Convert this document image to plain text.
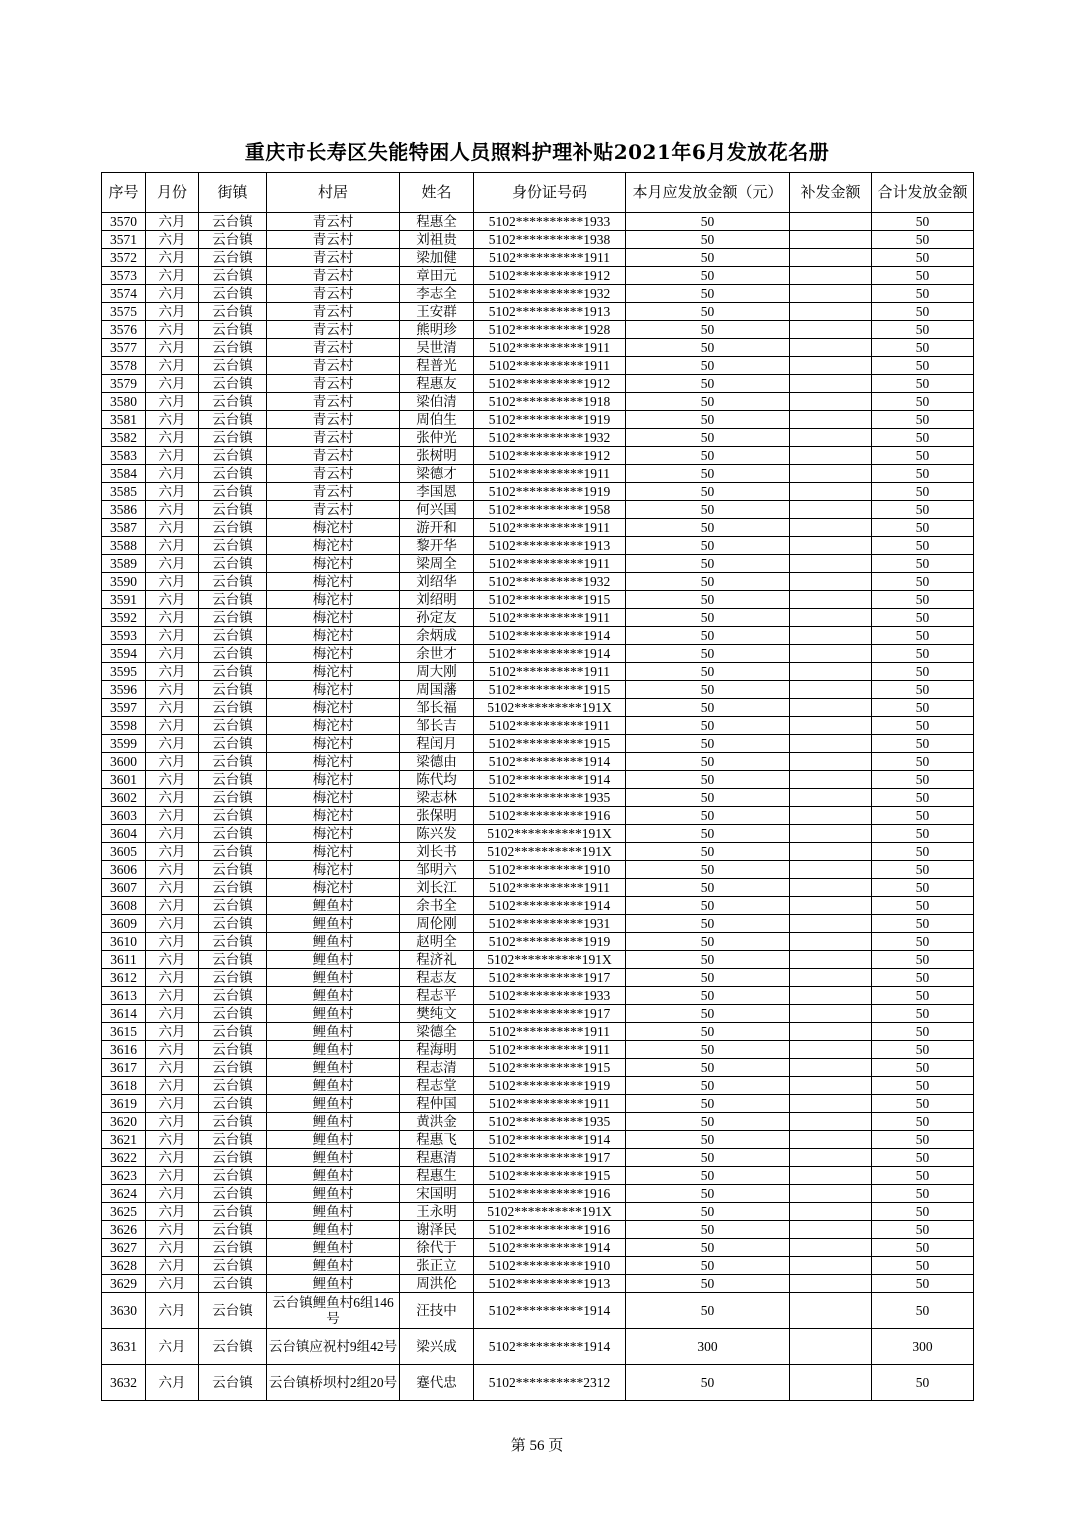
重庆市长寿区失能特困人员照料护理补贴2021年6月发放花名册
序号	月份	街镇	村居	姓名	身份证号码	本月应发放金额（元）	补发金额	合计发放金额
3570	六月	云台镇	青云村	程惠全	5102**********1933	50		50
3571	六月	云台镇	青云村	刘祖贵	5102**********1938	50		50
3572	六月	云台镇	青云村	梁加健	5102**********1911	50		50
3573	六月	云台镇	青云村	章田元	5102**********1912	50		50
3574	六月	云台镇	青云村	李志全	5102**********1932	50		50
3575	六月	云台镇	青云村	王安群	5102**********1913	50		50
3576	六月	云台镇	青云村	熊明珍	5102**********1928	50		50
3577	六月	云台镇	青云村	吴世清	5102**********1911	50		50
3578	六月	云台镇	青云村	程普光	5102**********1911	50		50
3579	六月	云台镇	青云村	程惠友	5102**********1912	50		50
3580	六月	云台镇	青云村	梁伯清	5102**********1918	50		50
3581	六月	云台镇	青云村	周伯生	5102**********1919	50		50
3582	六月	云台镇	青云村	张仲光	5102**********1932	50		50
3583	六月	云台镇	青云村	张树明	5102**********1912	50		50
3584	六月	云台镇	青云村	梁德才	5102**********1911	50		50
3585	六月	云台镇	青云村	李国恩	5102**********1919	50		50
3586	六月	云台镇	青云村	何兴国	5102**********1958	50		50
3587	六月	云台镇	梅沱村	游开和	5102**********1911	50		50
3588	六月	云台镇	梅沱村	黎开华	5102**********1913	50		50
3589	六月	云台镇	梅沱村	梁周全	5102**********1911	50		50
3590	六月	云台镇	梅沱村	刘绍华	5102**********1932	50		50
3591	六月	云台镇	梅沱村	刘绍明	5102**********1915	50		50
3592	六月	云台镇	梅沱村	孙定友	5102**********1911	50		50
3593	六月	云台镇	梅沱村	余炳成	5102**********1914	50		50
3594	六月	云台镇	梅沱村	余世才	5102**********1914	50		50
3595	六月	云台镇	梅沱村	周大刚	5102**********1911	50		50
3596	六月	云台镇	梅沱村	周国藩	5102**********1915	50		50
3597	六月	云台镇	梅沱村	邹长福	5102**********191X	50		50
3598	六月	云台镇	梅沱村	邹长吉	5102**********1911	50		50
3599	六月	云台镇	梅沱村	程闰月	5102**********1915	50		50
3600	六月	云台镇	梅沱村	梁德由	5102**********1914	50		50
3601	六月	云台镇	梅沱村	陈代均	5102**********1914	50		50
3602	六月	云台镇	梅沱村	梁志林	5102**********1935	50		50
3603	六月	云台镇	梅沱村	张保明	5102**********1916	50		50
3604	六月	云台镇	梅沱村	陈兴发	5102**********191X	50		50
3605	六月	云台镇	梅沱村	刘长书	5102**********191X	50		50
3606	六月	云台镇	梅沱村	邹明六	5102**********1910	50		50
3607	六月	云台镇	梅沱村	刘长江	5102**********1911	50		50
3608	六月	云台镇	鲤鱼村	余书全	5102**********1914	50		50
3609	六月	云台镇	鲤鱼村	周伦刚	5102**********1931	50		50
3610	六月	云台镇	鲤鱼村	赵明全	5102**********1919	50		50
3611	六月	云台镇	鲤鱼村	程济礼	5102**********191X	50		50
3612	六月	云台镇	鲤鱼村	程志友	5102**********1917	50		50
3613	六月	云台镇	鲤鱼村	程志平	5102**********1933	50		50
3614	六月	云台镇	鲤鱼村	樊纯文	5102**********1917	50		50
3615	六月	云台镇	鲤鱼村	梁德全	5102**********1911	50		50
3616	六月	云台镇	鲤鱼村	程海明	5102**********1911	50		50
3617	六月	云台镇	鲤鱼村	程志清	5102**********1915	50		50
3618	六月	云台镇	鲤鱼村	程志堂	5102**********1919	50		50
3619	六月	云台镇	鲤鱼村	程仲国	5102**********1911	50		50
3620	六月	云台镇	鲤鱼村	黄洪金	5102**********1935	50		50
3621	六月	云台镇	鲤鱼村	程惠飞	5102**********1914	50		50
3622	六月	云台镇	鲤鱼村	程惠清	5102**********1917	50		50
3623	六月	云台镇	鲤鱼村	程惠生	5102**********1915	50		50
3624	六月	云台镇	鲤鱼村	宋国明	5102**********1916	50		50
3625	六月	云台镇	鲤鱼村	王永明	5102**********191X	50		50
3626	六月	云台镇	鲤鱼村	谢泽民	5102**********1916	50		50
3627	六月	云台镇	鲤鱼村	徐代于	5102**********1914	50		50
3628	六月	云台镇	鲤鱼村	张正立	5102**********1910	50		50
3629	六月	云台镇	鲤鱼村	周洪伦	5102**********1913	50		50
3630	六月	云台镇	云台镇鲤鱼村6组146号	汪技中	5102**********1914	50		50
3631	六月	云台镇	云台镇应祝村9组42号	梁兴成	5102**********1914	300		300
3632	六月	云台镇	云台镇桥坝村2组20号	蹇代忠	5102**********2312	50		50
第 56 页
